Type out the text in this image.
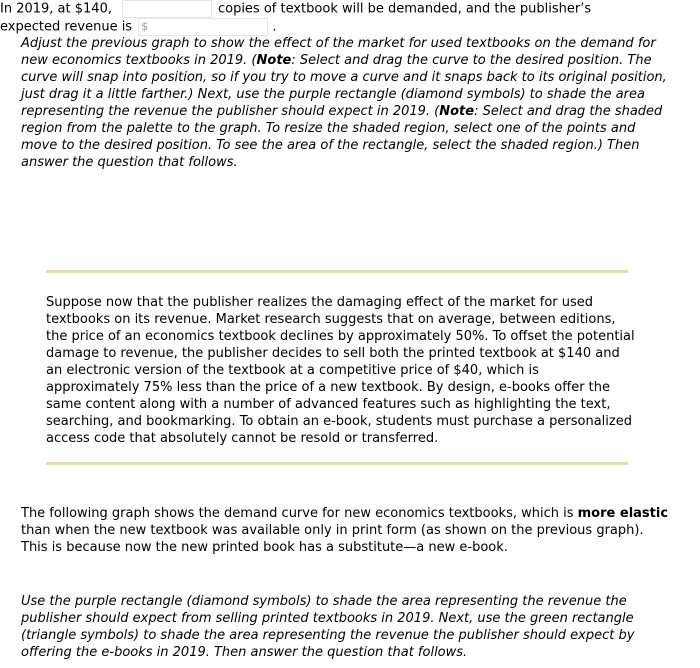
Adjust the previous graph to show the effect of the market for used textbooks on the demand for new economics textbooks in 2019. (Note: Select and drag the curve to the desired position. The curve will snap into position, so if you try to move a curve and it snaps back to its original position, just drag it a little farther.) Next, use the purple rectangle (diamond symbols) to shade the area representing the revenue the publisher should expect in 2019. (Note: Select and drag the shaded region from the palette to the graph. To resize the shaded region, select one of the points and move to the desired position. To see the area of the rectangle, select the shaded region.) Then answer the question that follows.

In 2019, at $140,	copies of textbook will be demanded, and the publisher’s
expected revenue is $	.

Suppose now that the publisher realizes the damaging effect of the market for used textbooks on its revenue. Market research suggests that on average, between editions, the price of an economics textbook declines by approximately 50%. To offset the potential damage to revenue, the publisher decides to sell both the printed textbook at $140 and an electronic version of the textbook at a competitive price of $40, which is approximately 75% less than the price of a new textbook. By design, e-books offer the same content along with a number of advanced features such as highlighting the text, searching, and bookmarking. To obtain an e-book, students must purchase a personalized access code that absolutely cannot be resold or transferred.

The following graph shows the demand curve for new economics textbooks, which is more elastic than when the new textbook was available only in print form (as shown on the previous graph). This is because now the new printed book has a substitute—a new e-book.

Use the purple rectangle (diamond symbols) to shade the area representing the revenue the publisher should expect from selling printed textbooks in 2019. Next, use the green rectangle (triangle symbols) to shade the area representing the revenue the publisher should expect by offering the e-books in 2019. Then answer the question that follows.
